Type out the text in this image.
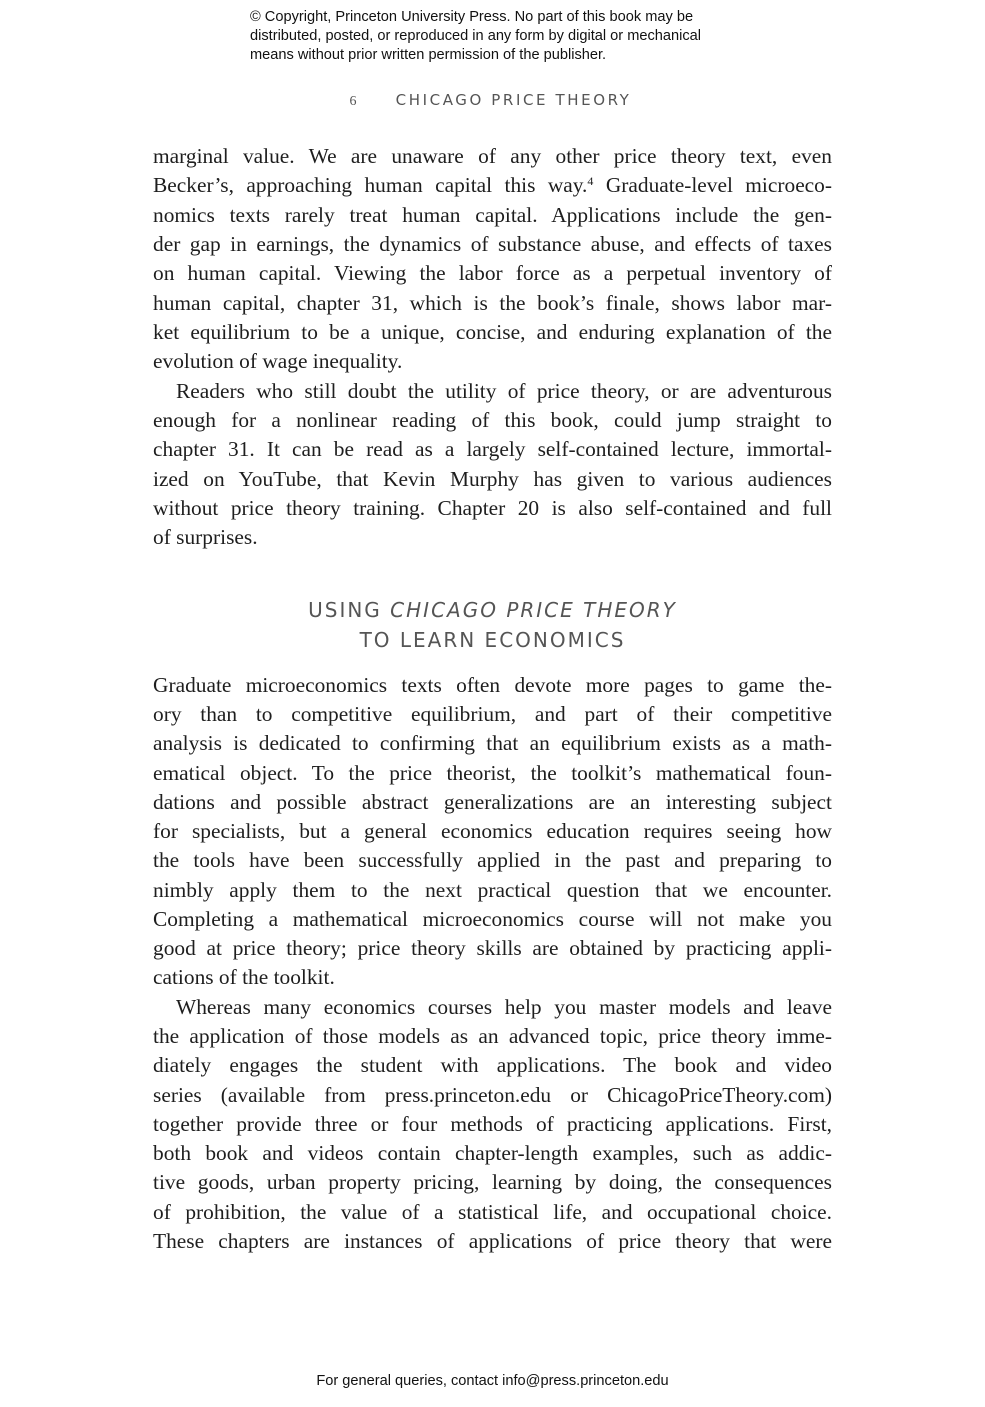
© Copyright, Princeton University Press. No part of this book may be
distributed, posted, or reproduced in any form by digital or mechanical
means without prior written permission of the publisher.
6	CHICAGO PRICE THEORY
marginal value. We are unaware of any other price theory text, even
Becker’s, approaching human capital this way.$^4$ Graduate-level microeco-
nomics texts rarely treat human capital. Applications include the gen-
der gap in earnings, the dynamics of substance abuse, and effects of taxes
on human capital. Viewing the labor force as a perpetual inventory of
human capital, chapter 31, which is the book’s finale, shows labor mar-
ket equilibrium to be a unique, concise, and enduring explanation of the
evolution of wage inequality.
Readers who still doubt the utility of price theory, or are adventurous
enough for a nonlinear reading of this book, could jump straight to
chapter 31. It can be read as a largely self-contained lecture, immortal-
ized on YouTube, that Kevin Murphy has given to various audiences
without price theory training. Chapter 20 is also self-contained and full
of surprises.
USING CHICAGO PRICE THEORY
TO LEARN ECONOMICS
Graduate microeconomics texts often devote more pages to game the-
ory than to competitive equilibrium, and part of their competitive
analysis is dedicated to confirming that an equilibrium exists as a math-
ematical object. To the price theorist, the toolkit’s mathematical foun-
dations and possible abstract generalizations are an interesting subject
for specialists, but a general economics education requires seeing how
the tools have been successfully applied in the past and preparing to
nimbly apply them to the next practical question that we encounter.
Completing a mathematical microeconomics course will not make you
good at price theory; price theory skills are obtained by practicing appli-
cations of the toolkit.
Whereas many economics courses help you master models and leave
the application of those models as an advanced topic, price theory imme-
diately engages the student with applications. The book and video
series (available from press.princeton.edu or ChicagoPriceTheory.com)
together provide three or four methods of practicing applications. First,
both book and videos contain chapter-length examples, such as addic-
tive goods, urban property pricing, learning by doing, the consequences
of prohibition, the value of a statistical life, and occupational choice.
These chapters are instances of applications of price theory that were
For general queries, contact info@press.princeton.edu
